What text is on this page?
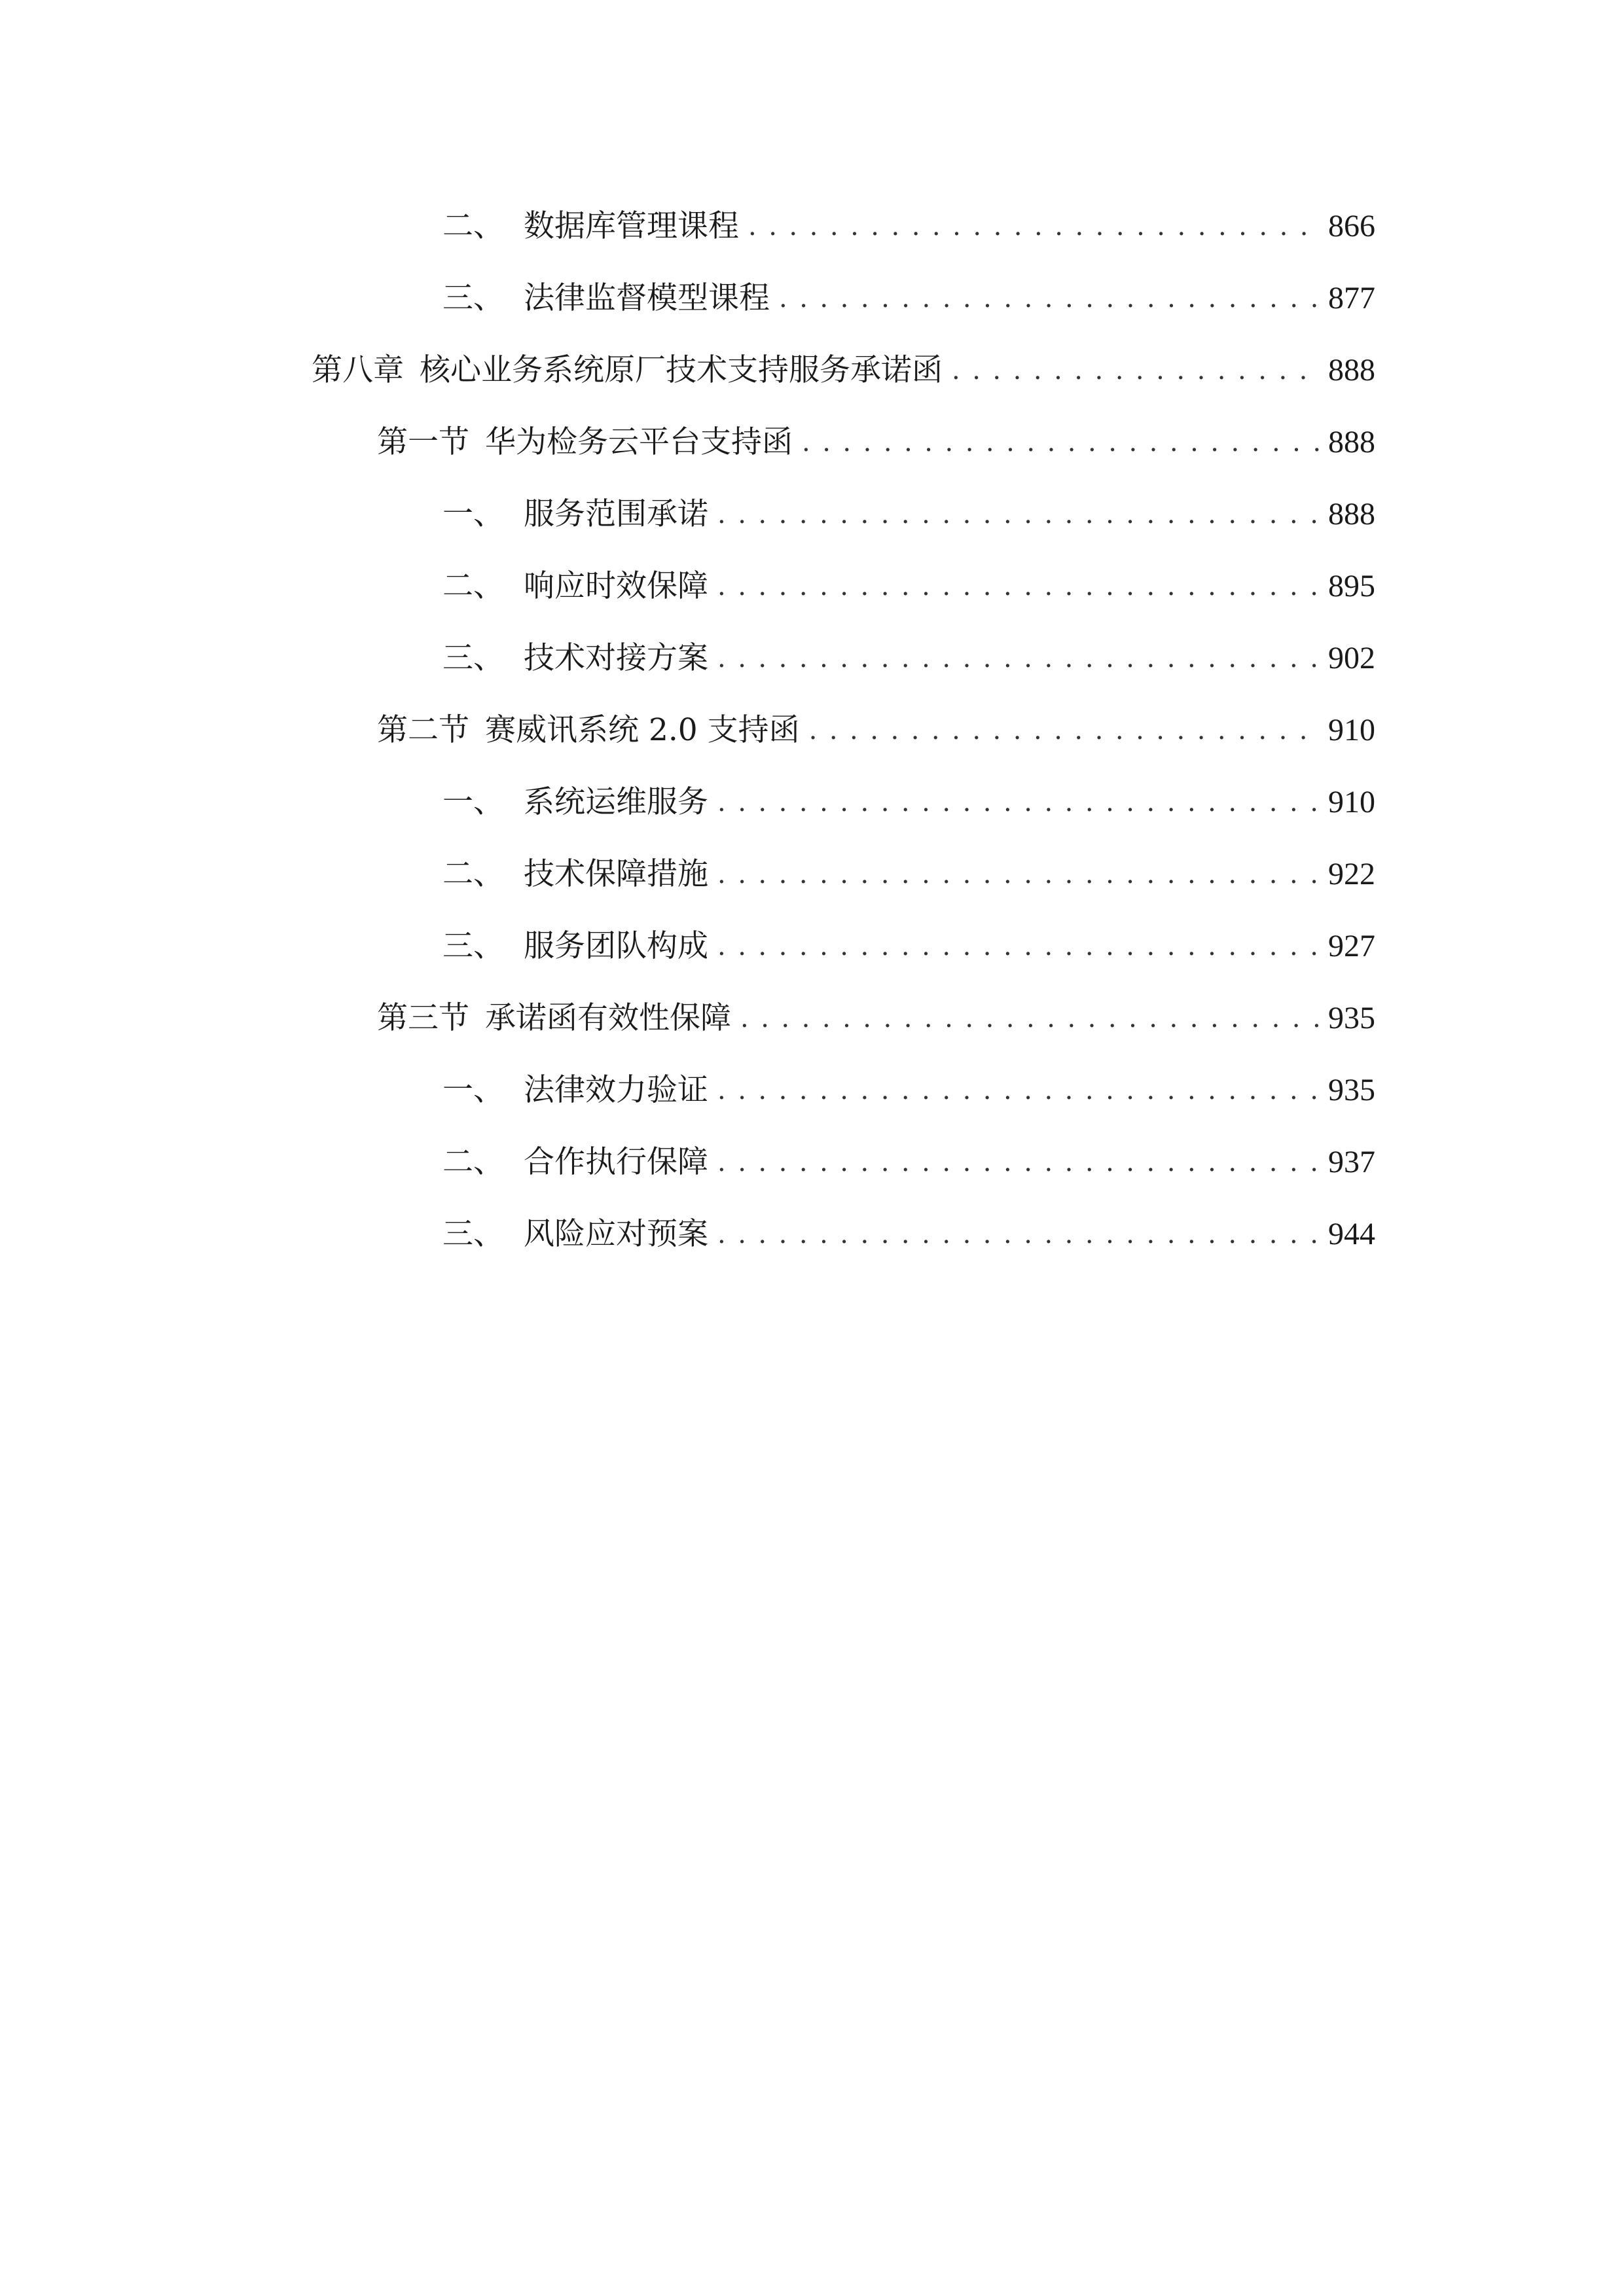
二、 数据库管理课程 .....	866
三、 法律监督模型课程 .....	877
第八章 核心业务系统原厂技术支持服务承诺函 .....	888
第一节 华为检务云平台支持函 .....	888
一、 服务范围承诺 .....	888
二、 响应时效保障 .....	895
三、 技术对接方案 .....	902
第二节 赛威讯系统 2.0 支持函 .....	910
一、 系统运维服务 .....	910
二、 技术保障措施 .....	922
三、 服务团队构成 .....	927
第三节 承诺函有效性保障 .....	935
一、 法律效力验证 .....	935
二、 合作执行保障 .....	937
三、 风险应对预案 .....	944
